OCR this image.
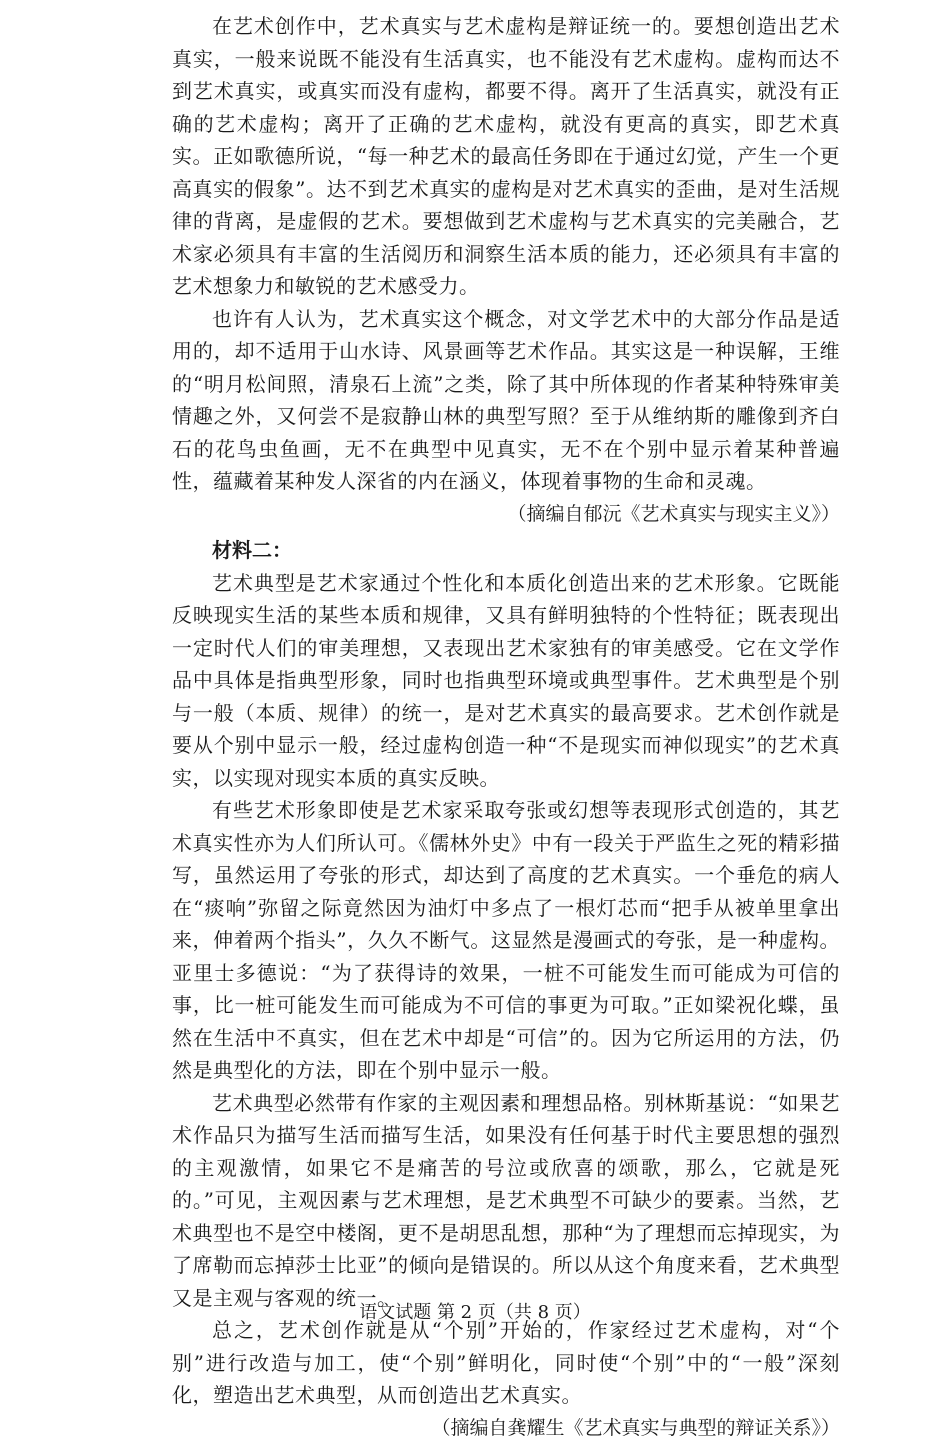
在艺术创作中，艺术真实与艺术虚构是辩证统一的。要想创造出艺术真实，一般来说既不能没有生活真实，也不能没有艺术虚构。虚构而达不到艺术真实，或真实而没有虚构，都要不得。离开了生活真实，就没有正确的艺术虚构；离开了正确的艺术虚构，就没有更高的真实，即艺术真实。正如歌德所说，“每一种艺术的最高任务即在于通过幻觉，产生一个更高真实的假象”。达不到艺术真实的虚构是对艺术真实的歪曲，是对生活规律的背离，是虚假的艺术。要想做到艺术虚构与艺术真实的完美融合，艺术家必须具有丰富的生活阅历和洞察生活本质的能力，还必须具有丰富的艺术想象力和敏锐的艺术感受力。

也许有人认为，艺术真实这个概念，对文学艺术中的大部分作品是适用的，却不适用于山水诗、风景画等艺术作品。其实这是一种误解，王维的“明月松间照，清泉石上流”之类，除了其中所体现的作者某种特殊审美情趣之外，又何尝不是寂静山林的典型写照？至于从维纳斯的雕像到齐白石的花鸟虫鱼画，无不在典型中见真实，无不在个别中显示着某种普遍性，蕴藏着某种发人深省的内在涵义，体现着事物的生命和灵魂。

（摘编自郁沅《艺术真实与现实主义》）

材料二：

艺术典型是艺术家通过个性化和本质化创造出来的艺术形象。它既能反映现实生活的某些本质和规律，又具有鲜明独特的个性特征；既表现出一定时代人们的审美理想，又表现出艺术家独有的审美感受。它在文学作品中具体是指典型形象，同时也指典型环境或典型事件。艺术典型是个别与一般（本质、规律）的统一，是对艺术真实的最高要求。艺术创作就是要从个别中显示一般，经过虚构创造一种“不是现实而神似现实”的艺术真实，以实现对现实本质的真实反映。

有些艺术形象即使是艺术家采取夸张或幻想等表现形式创造的，其艺术真实性亦为人们所认可。《儒林外史》中有一段关于严监生之死的精彩描写，虽然运用了夸张的形式，却达到了高度的艺术真实。一个垂危的病人在“痰响”弥留之际竟然因为油灯中多点了一根灯芯而“把手从被单里拿出来，伸着两个指头”，久久不断气。这显然是漫画式的夸张，是一种虚构。亚里士多德说：“为了获得诗的效果，一桩不可能发生而可能成为可信的事，比一桩可能发生而可能成为不可信的事更为可取。”正如梁祝化蝶，虽然在生活中不真实，但在艺术中却是“可信”的。因为它所运用的方法，仍然是典型化的方法，即在个别中显示一般。

艺术典型必然带有作家的主观因素和理想品格。别林斯基说：“如果艺术作品只为描写生活而描写生活，如果没有任何基于时代主要思想的强烈的主观激情，如果它不是痛苦的号泣或欣喜的颂歌，那么，它就是死的。”可见，主观因素与艺术理想，是艺术典型不可缺少的要素。当然，艺术典型也不是空中楼阁，更不是胡思乱想，那种“为了理想而忘掉现实，为了席勒而忘掉莎士比亚”的倾向是错误的。所以从这个角度来看，艺术典型又是主观与客观的统一。

总之，艺术创作就是从“个别”开始的，作家经过艺术虚构，对“个别”进行改造与加工，使“个别”鲜明化，同时使“个别”中的“一般”深刻化，塑造出艺术典型，从而创造出艺术真实。

（摘编自龚耀生《艺术真实与典型的辩证关系》）

语文试题 第 2 页（共 8 页）
